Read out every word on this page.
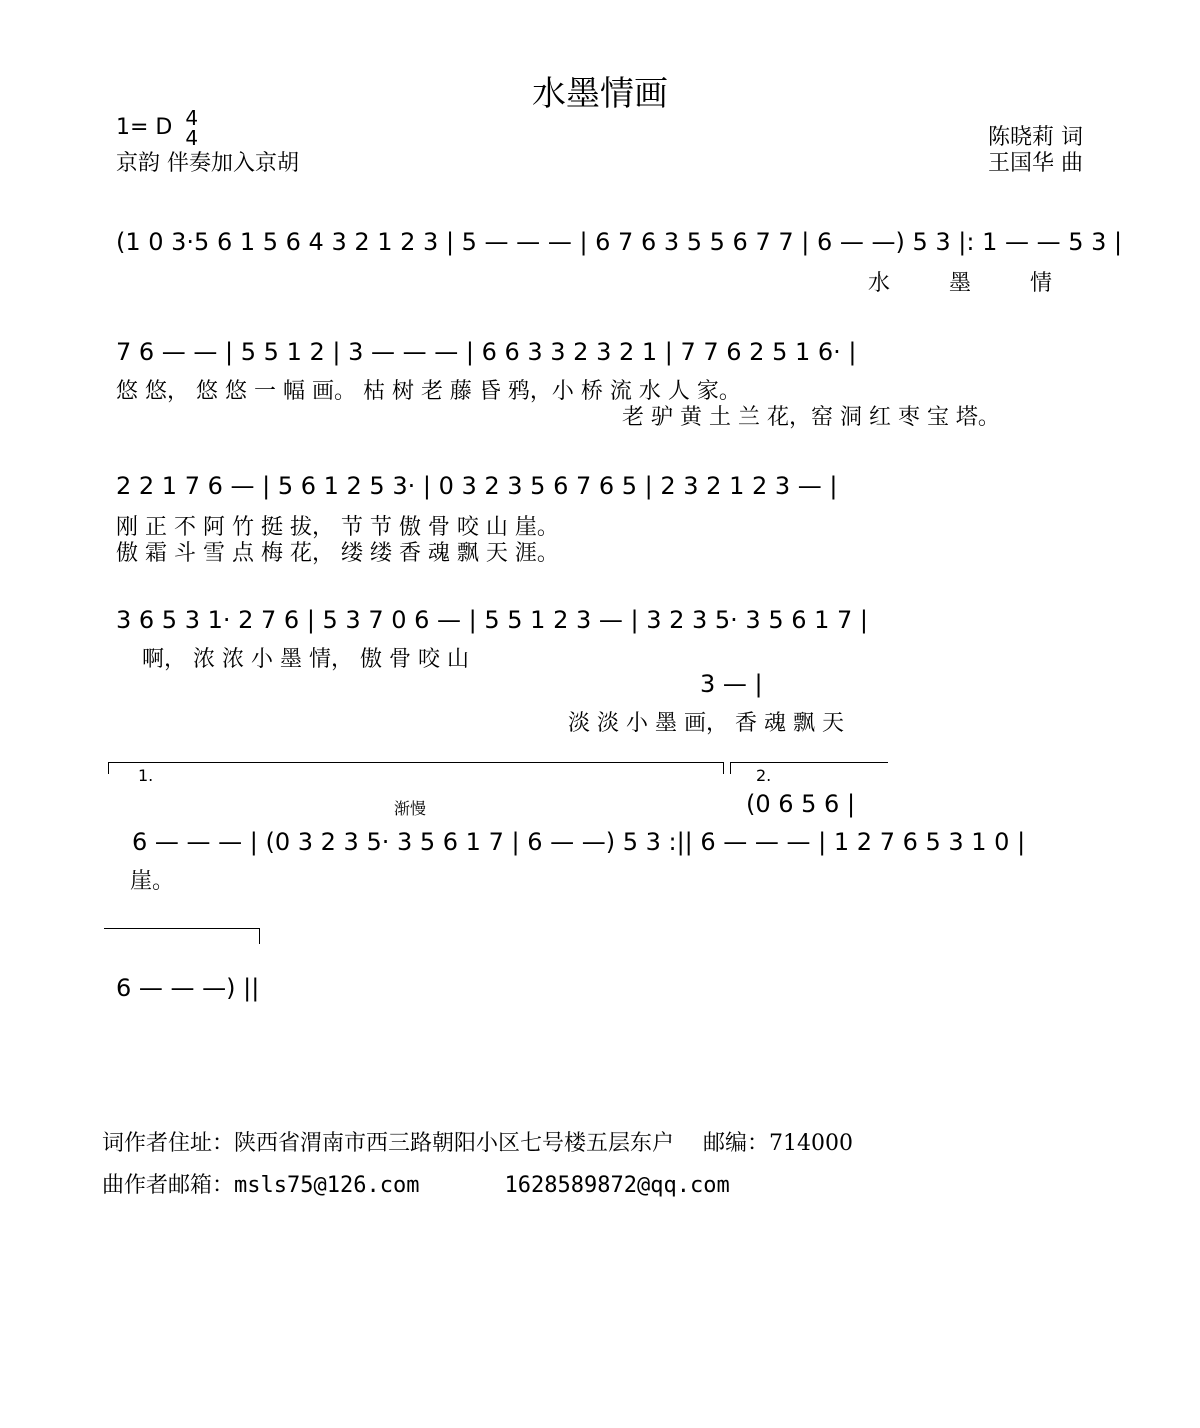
水墨情画
1= D 4
4
京韵 伴奏加入京胡
陈晓莉 词
王国华 曲
(1 0 3·5 6 1 5 6 4 3 2 1 2 3 | 5 — — — | 6 7 6 3 5 5 6 7 7 | 6 — —) 5 3 |: 1 — — 5 3 |
水 墨 情
7 6 — — | 5 5 1 2 | 3 — — — | 6 6 3 3 2 3 2 1 | 7 7 6 2 5 1 6· |
悠 悠， 悠 悠 一 幅 画。 枯 树 老 藤 昏 鸦，小 桥 流 水 人 家。
老 驴 黄 土 兰 花，窑 洞 红 枣 宝 塔。
2 2 1 7 6 — | 5 6 1 2 5 3· | 0 3 2 3 5 6 7 6 5 | 2 3 2 1 2 3 — |
刚 正 不 阿 竹 挺 拔， 节 节 傲 骨 咬 山 崖。
傲 霜 斗 雪 点 梅 花， 缕 缕 香 魂 飘 天 涯。
3 6 5 3 1· 2 7 6 | 5 3 7 0 6 — | 5 5 1 2 3 — | 3 2 3 5· 3 5 6 1 7 |
啊， 浓 浓 小 墨 情， 傲 骨 咬 山
3 — |
淡 淡 小 墨 画， 香 魂 飘 天
1.	2.
渐慢	(0 6 5 6 |
6 — — — | (0 3 2 3 5· 3 5 6 1 7 | 6 — —) 5 3 :|| 6 — — — | 1 2 7 6 5 3 1 0 |
崖。
6 — — —) ||
词作者住址：陕西省渭南市西三路朝阳小区七号楼五层东户　 邮编：714000
曲作者邮箱：msls75@126.com	1628589872@qq.com
